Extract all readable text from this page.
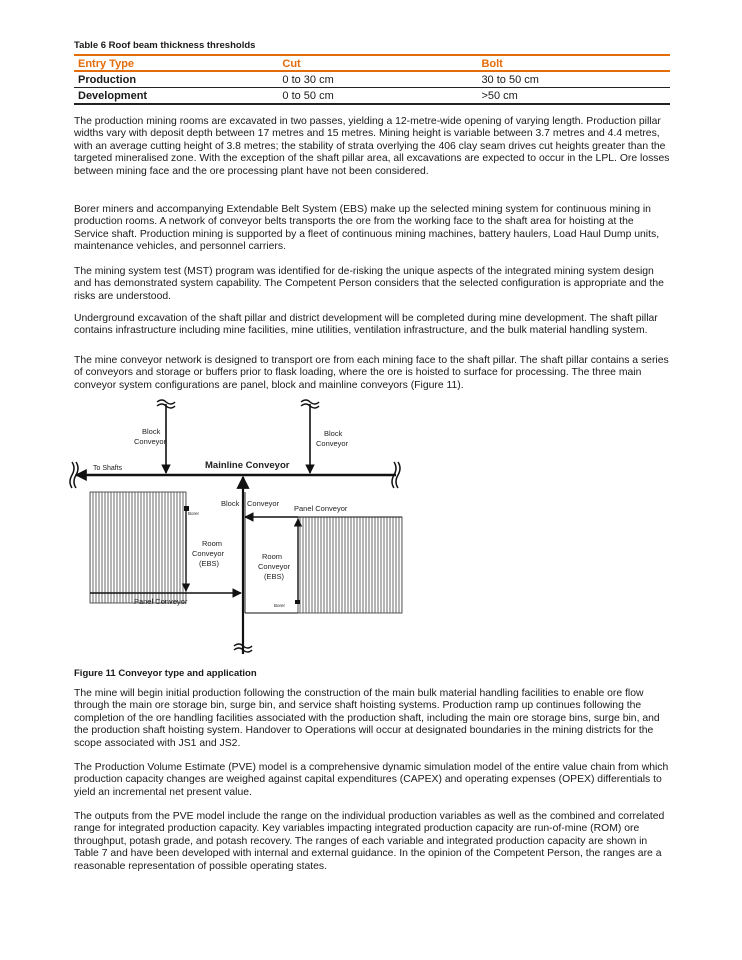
Table 6 Roof beam thickness thresholds

Entry Type	Cut	Bolt
Production	0 to 30 cm	30 to 50 cm
Development	0 to 50 cm	>50 cm

The production mining rooms are excavated in two passes, yielding a 12-metre-wide opening of varying length. Production pillar widths vary with deposit depth between 17 metres and 15 metres. Mining height is variable between 3.7 metres and 4.4 metres, with an average cutting height of 3.8 metres; the stability of strata overlying the 406 clay seam drives cut heights greater than the targeted mineralised zone. With the exception of the shaft pillar area, all excavations are expected to occur in the LPL. Ore losses between mining face and the ore processing plant have not been considered.

Borer miners and accompanying Extendable Belt System (EBS) make up the selected mining system for continuous mining in production rooms. A network of conveyor belts transports the ore from the working face to the shaft area for hoisting at the Service shaft. Production mining is supported by a fleet of continuous mining machines, battery haulers, Load Haul Dump units, maintenance vehicles, and personnel carriers.

The mining system test (MST) program was identified for de-risking the unique aspects of the integrated mining system design and has demonstrated system capability. The Competent Person considers that the selected configuration is appropriate and the risks are understood.

Underground excavation of the shaft pillar and district development will be completed during mine development. The shaft pillar contains infrastructure including mine facilities, mine utilities, ventilation infrastructure, and the bulk material handling system.

The mine conveyor network is designed to transport ore from each mining face to the shaft pillar. The shaft pillar contains a series of conveyors and storage or buffers prior to flask loading, where the ore is hoisted to surface for processing. The three main conveyor system configurations are panel, block and mainline conveyors (Figure 11).

Block
Conveyor
Block
Conveyor
To Shafts	Mainline Conveyor
Block Conveyor
Panel Conveyor
Borer
Room
Conveyor
(EBS)
Room
Conveyor
(EBS)
Borer
Panel Conveyor

Figure 11 Conveyor type and application

The mine will begin initial production following the construction of the main bulk material handling facilities to enable ore flow through the main ore storage bin, surge bin, and service shaft hoisting systems. Production ramp up continues following the completion of the ore handling facilities associated with the production shaft, including the main ore storage bins, surge bin, and the production shaft hoisting system. Handover to Operations will occur at designated boundaries in the mining districts for the scope associated with JS1 and JS2.

The Production Volume Estimate (PVE) model is a comprehensive dynamic simulation model of the entire value chain from which production capacity changes are weighed against capital expenditures (CAPEX) and operating expenses (OPEX) differentials to yield an incremental net present value.

The outputs from the PVE model include the range on the individual production variables as well as the combined and correlated range for integrated production capacity. Key variables impacting integrated production capacity are run-of-mine (ROM) ore throughput, potash grade, and potash recovery. The ranges of each variable and integrated production capacity are shown in Table 7 and have been developed with internal and external guidance. In the opinion of the Competent Person, the ranges are a reasonable representation of possible operating states.
